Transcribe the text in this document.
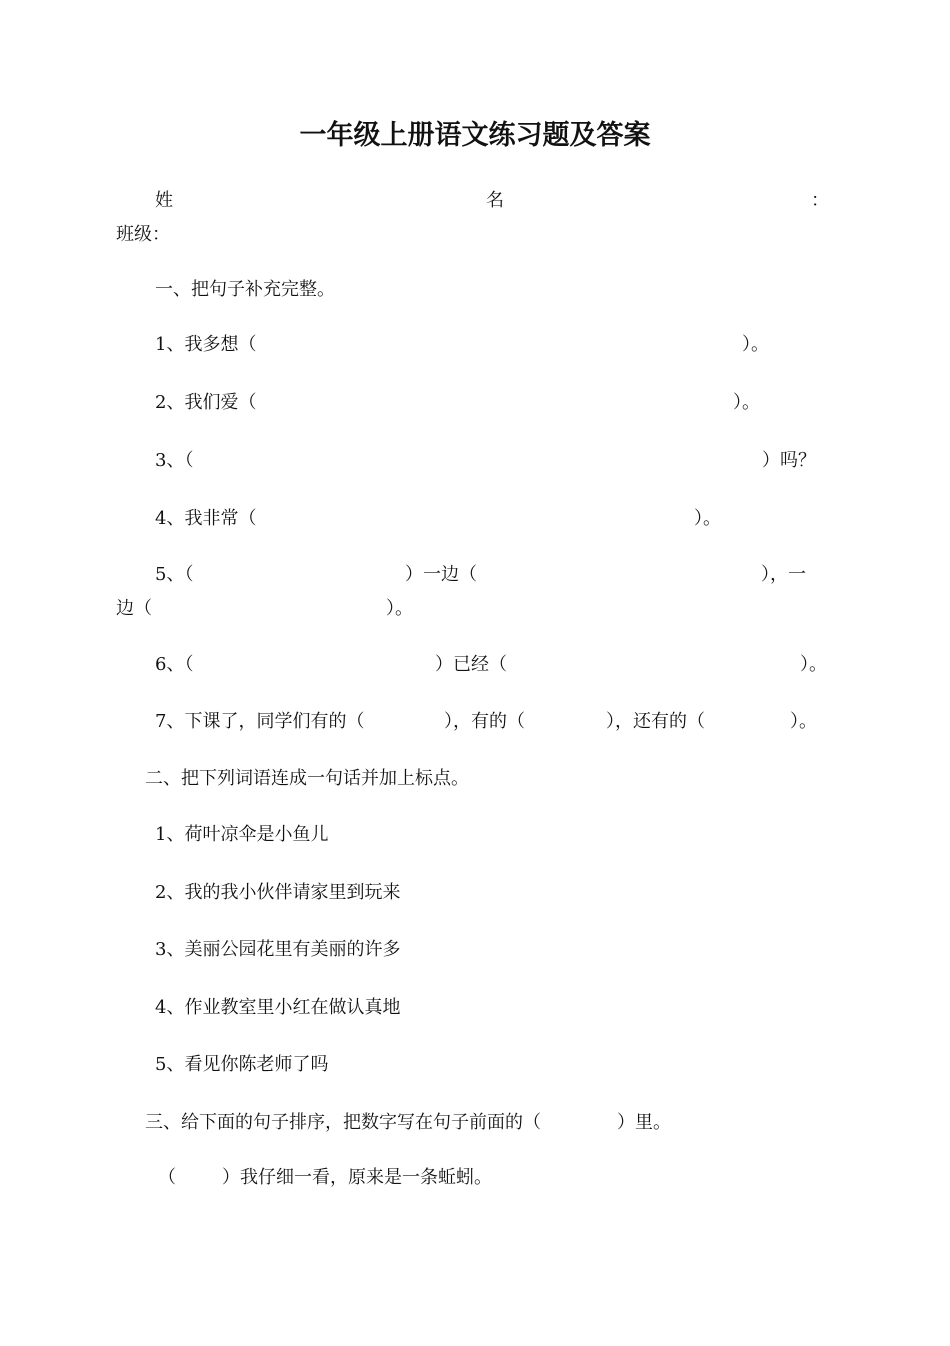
一年级上册语文练习题及答案
姓	名	：
班级：
一、把句子补充完整。
1、我多想（	）。
2、我们爱（	）。
3、（	）吗？
4、我非常（	）。
5、（	）一边（	），一
边（	）。
6、（	）已经（	）。
7、下课了，同学们有的（	），有的（	），还有的（	）。
二、把下列词语连成一句话并加上标点。
1、荷叶凉伞是小鱼儿
2、我的我小伙伴请家里到玩来
3、美丽公园花里有美丽的许多
4、作业教室里小红在做认真地
5、看见你陈老师了吗
三、给下面的句子排序，把数字写在句子前面的（	）里。
（	）我仔细一看，原来是一条蚯蚓。
